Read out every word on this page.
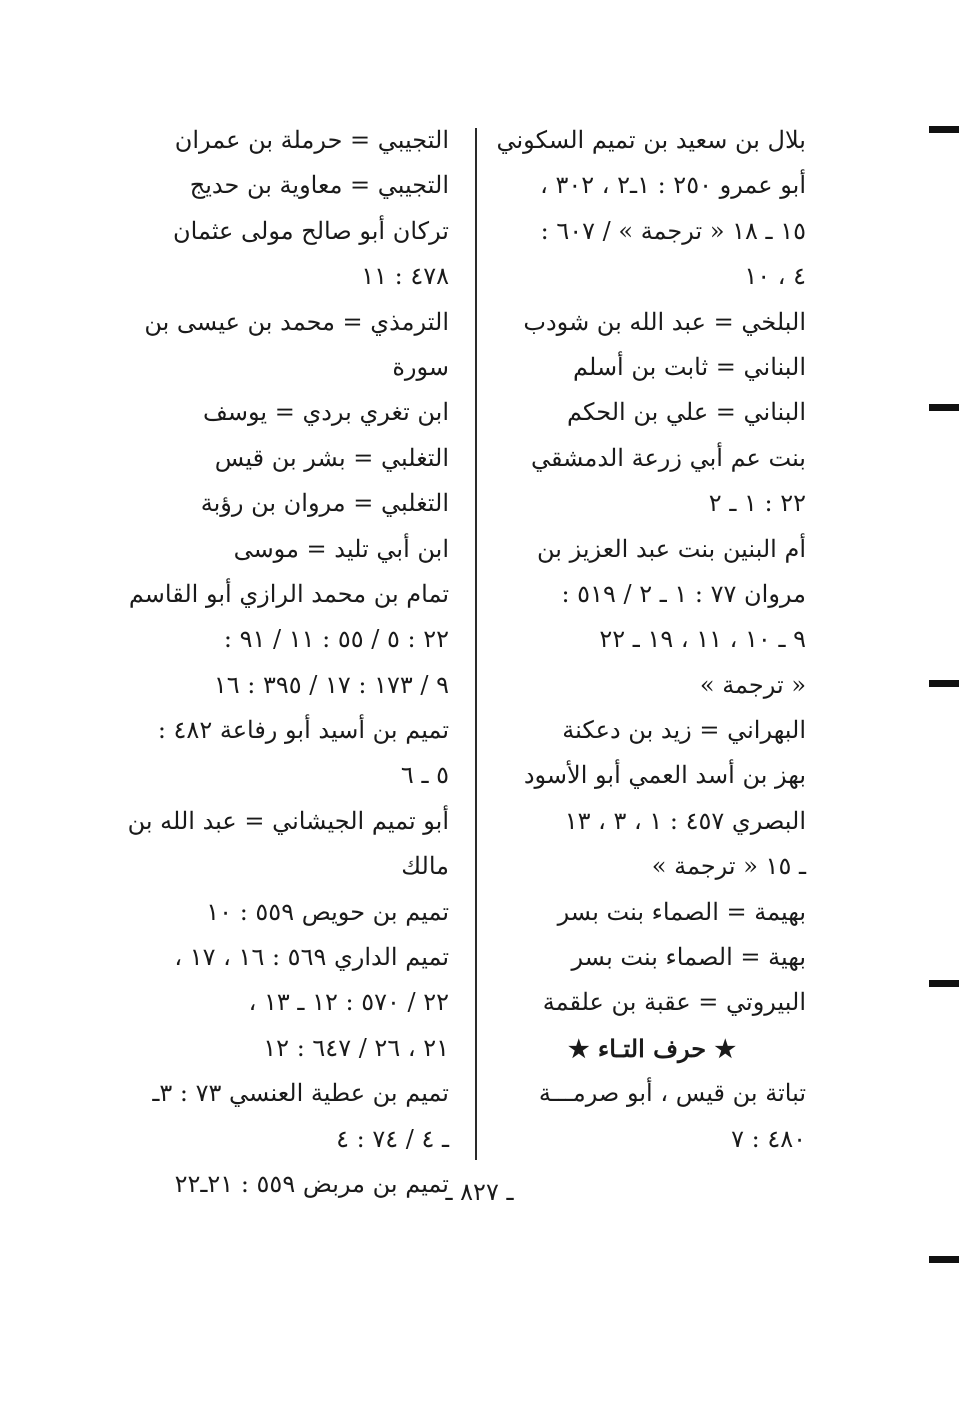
بلال بن سعيد بن تميم السكوني
أبو عمرو ٢٥٠ : ١ـ٢ ، ٣٠٢ ،
١٥ ـ ١٨ « ترجمة » / ٦٠٧ :
٤ ، ١٠
البلخي = عبد الله بن شودب
البناني = ثابت بن أسلم
البناني = علي بن الحكم
بنت عم أبي زرعة الدمشقي
٢٢ : ١ ـ ٢
أم البنين بنت عبد العزيز بن
مروان ٧٧ : ١ ـ ٢ / ٥١٩ :
٩ ـ ١٠ ، ١١ ، ١٩ ـ ٢٢
« ترجمة »
البهراني = زيد بن دعكنة
بهز بن أسد العمي أبو الأسود
البصري ٤٥٧ : ١ ، ٣ ، ١٣
ـ ١٥ « ترجمة »
بهيمة = الصماء بنت بسر
بهية = الصماء بنت بسر
البيروتي = عقبة بن علقمة
★ حرف التـاء ★
تباتة بن قيس ، أبو صرمـــة
٤٨٠ : ٧
التجيبي = حرملة بن عمران
التجيبي = معاوية بن حديج
تركان أبو صالح مولى عثمان
٤٧٨ : ١١
الترمذي = محمد بن عيسى بن
سورة
ابن تغري بردي = يوسف
التغلبي = بشر بن قيس
التغلبي = مروان بن رؤبة
ابن أبي تليد = موسى
تمام بن محمد الرازي أبو القاسم
٢٢ : ٥ / ٥٥ : ١١ / ٩١ :
٩ / ١٧٣ : ١٧ / ٣٩٥ : ١٦
تميم بن أسيد أبو رفاعة ٤٨٢ :
٥ ـ ٦
أبو تميم الجيشاني = عبد الله بن
مالك
تميم بن حويص ٥٥٩ : ١٠
تميم الداري ٥٦٩ : ١٦ ، ١٧ ،
٢٢ / ٥٧٠ : ١٢ ـ ١٣ ،
٢١ ، ٢٦ / ٦٤٧ : ١٢
تميم بن عطية العنسي ٧٣ : ٣ـ
ـ ٤ / ٧٤ : ٤
تميم بن مربض ٥٥٩ : ٢١ـ٢٢
ـ ٨٢٧ ـ
